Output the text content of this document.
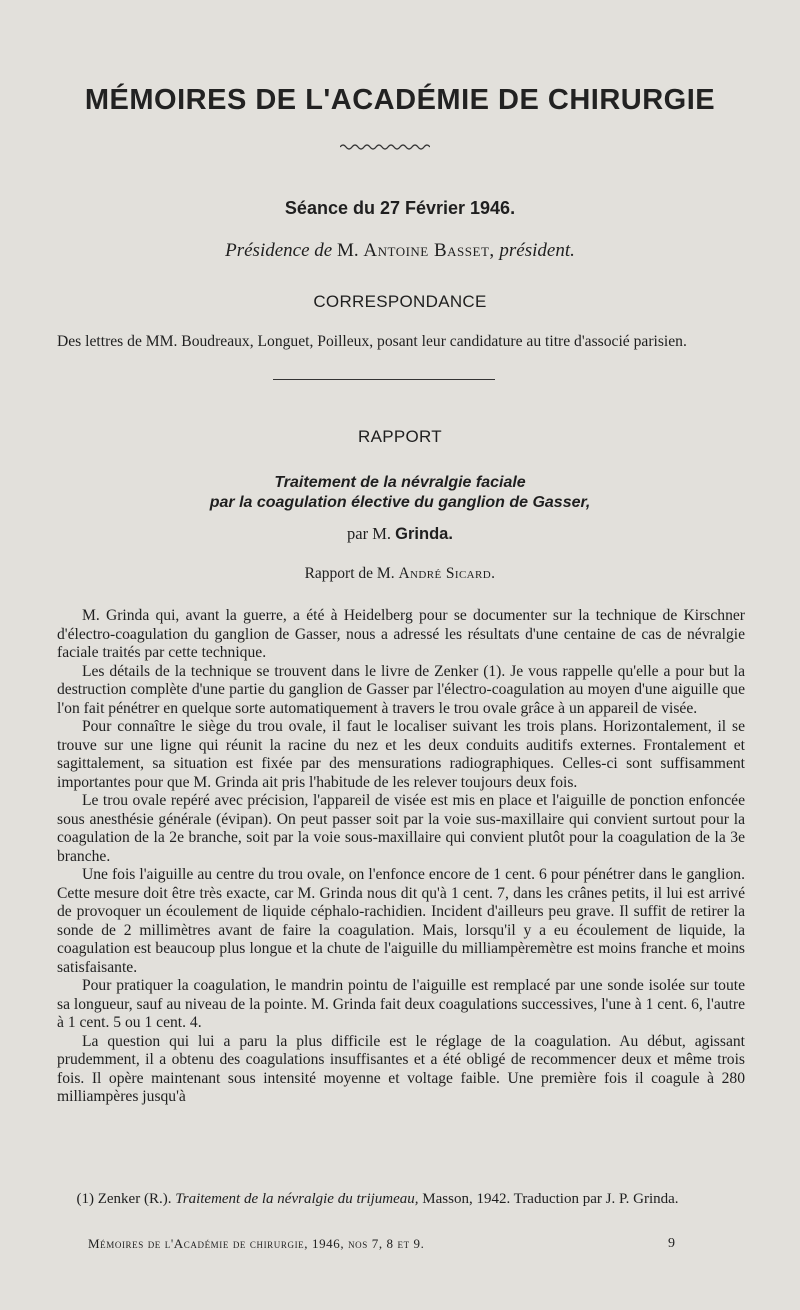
MÉMOIRES DE L'ACADÉMIE DE CHIRURGIE
Séance du 27 Février 1946.
Présidence de M. Antoine Basset, président.
CORRESPONDANCE
Des lettres de MM. Boudreaux, Longuet, Poilleux, posant leur candidature au titre d'associé parisien.
RAPPORT
Traitement de la névralgie faciale
par la coagulation élective du ganglion de Gasser,
par M. Grinda.
Rapport de M. André Sicard.

M. Grinda qui, avant la guerre, a été à Heidelberg pour se documenter sur la technique de Kirschner d'électro-coagulation du ganglion de Gasser, nous a adressé les résultats d'une centaine de cas de névralgie faciale traités par cette technique.

Les détails de la technique se trouvent dans le livre de Zenker (1). Je vous rappelle qu'elle a pour but la destruction complète d'une partie du ganglion de Gasser par l'électro-coagulation au moyen d'une aiguille que l'on fait pénétrer en quelque sorte automatiquement à travers le trou ovale grâce à un appareil de visée.

Pour connaître le siège du trou ovale, il faut le localiser suivant les trois plans. Horizontalement, il se trouve sur une ligne qui réunit la racine du nez et les deux conduits auditifs externes. Frontalement et sagittalement, sa situation est fixée par des mensurations radiographiques. Celles-ci sont suffisamment importantes pour que M. Grinda ait pris l'habitude de les relever toujours deux fois.

Le trou ovale repéré avec précision, l'appareil de visée est mis en place et l'aiguille de ponction enfoncée sous anesthésie générale (évipan). On peut passer soit par la voie sus-maxillaire qui convient surtout pour la coagulation de la 2e branche, soit par la voie sous-maxillaire qui convient plutôt pour la coagulation de la 3e branche.

Une fois l'aiguille au centre du trou ovale, on l'enfonce encore de 1 cent. 6 pour pénétrer dans le ganglion. Cette mesure doit être très exacte, car M. Grinda nous dit qu'à 1 cent. 7, dans les crânes petits, il lui est arrivé de provoquer un écoulement de liquide céphalo-rachidien. Incident d'ailleurs peu grave. Il suffit de retirer la sonde de 2 millimètres avant de faire la coagulation. Mais, lorsqu'il y a eu écoulement de liquide, la coagulation est beaucoup plus longue et la chute de l'aiguille du milliampèremètre est moins franche et moins satisfaisante.

Pour pratiquer la coagulation, le mandrin pointu de l'aiguille est remplacé par une sonde isolée sur toute sa longueur, sauf au niveau de la pointe. M. Grinda fait deux coagulations successives, l'une à 1 cent. 6, l'autre à 1 cent. 5 ou 1 cent. 4.

La question qui lui a paru la plus difficile est le réglage de la coagulation. Au début, agissant prudemment, il a obtenu des coagulations insuffisantes et a été obligé de recommencer deux et même trois fois. Il opère maintenant sous intensité moyenne et voltage faible. Une première fois il coagule à 280 milliampères jusqu'à

(1) Zenker (R.). Traitement de la névralgie du trijumeau, Masson, 1942. Traduction par J. P. Grinda.
Mémoires de l'Académie de chirurgie, 1946, nos 7, 8 et 9.	9
